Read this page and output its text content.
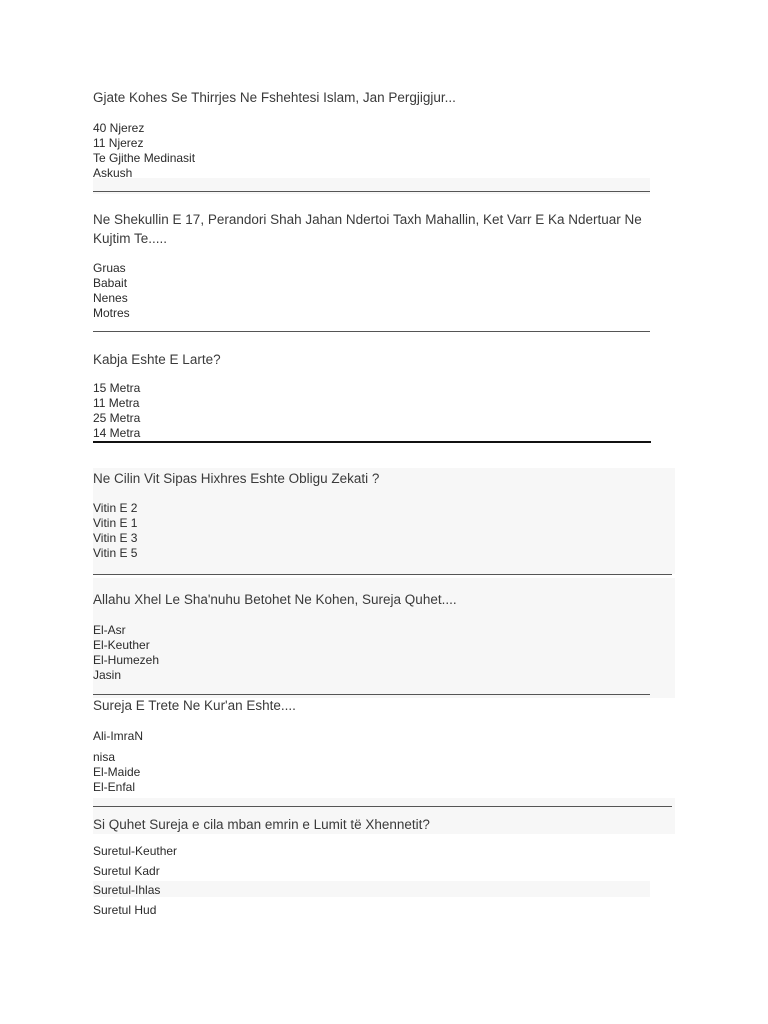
Gjate Kohes Se Thirrjes Ne Fshehtesi Islam, Jan Pergjigjur...
40 Njerez
11 Njerez
Te Gjithe Medinasit
Askush
Ne Shekullin E 17, Perandori Shah Jahan Ndertoi Taxh Mahallin, Ket Varr E Ka Ndertuar Ne Kujtim Te.....
Gruas
Babait
Nenes
Motres
Kabja Eshte E Larte?
15 Metra
11 Metra
25 Metra
14 Metra
Ne Cilin Vit Sipas Hixhres Eshte Obligu Zekati ?
Vitin E 2
Vitin E 1
Vitin E 3
Vitin E 5
Allahu Xhel Le Sha'nuhu Betohet Ne Kohen, Sureja Quhet....
El-Asr
El-Keuther
El-Humezeh
Jasin
Sureja E Trete Ne Kur'an Eshte....
Ali-ImraN
nisa
El-Maide
El-Enfal
Si Quhet Sureja e cila mban emrin e Lumit të Xhennetit?
Suretul-Keuther
Suretul Kadr
Suretul-Ihlas
Suretul Hud
